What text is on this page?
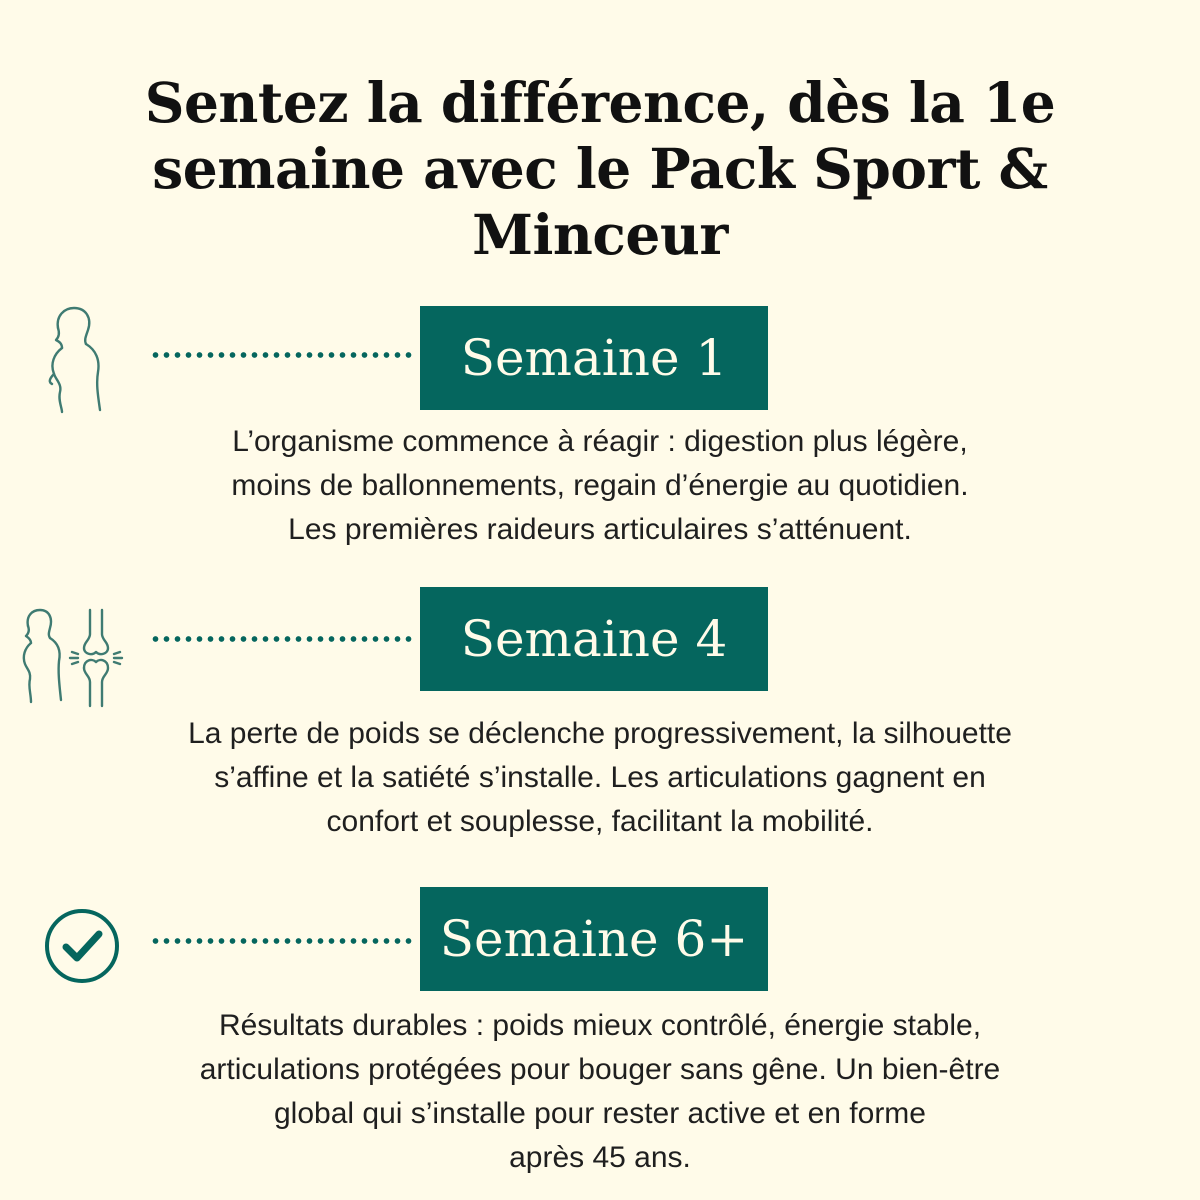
Sentez la différence, dès la 1e
semaine avec le Pack Sport &
Minceur
Semaine 1

L’organisme commence à réagir : digestion plus légère,
moins de ballonnements, regain d’énergie au quotidien.
Les premières raideurs articulaires s’atténuent.

Semaine 4

La perte de poids se déclenche progressivement, la silhouette
s’affine et la satiété s’installe. Les articulations gagnent en
confort et souplesse, facilitant la mobilité.

Semaine 6+

Résultats durables : poids mieux contrôlé, énergie stable,
articulations protégées pour bouger sans gêne. Un bien-être
global qui s’installe pour rester active et en forme
après 45 ans.
